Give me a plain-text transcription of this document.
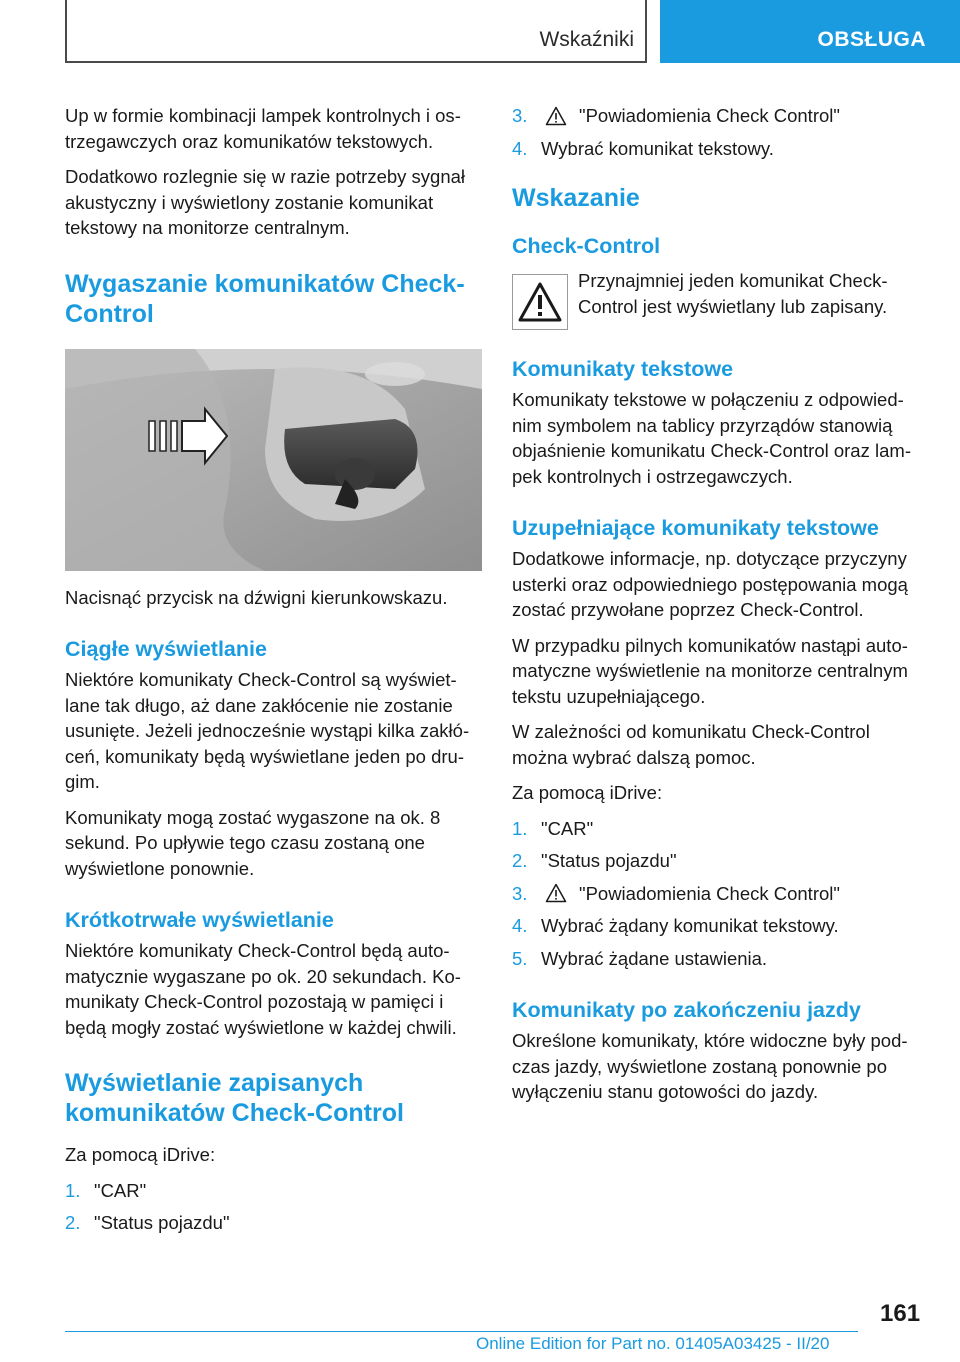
Wskaźniki	OBSŁUGA

Up w formie kombinacji lampek kontrolnych i ostrzegawczych oraz komunikatów tekstowych.

Dodatkowo rozlegnie się w razie potrzeby sygnał akustyczny i wyświetlony zostanie komunikat tekstowy na monitorze centralnym.

Wygaszanie komunikatów Check-Control

Nacisnąć przycisk na dźwigni kierunkowskazu.

Ciągłe wyświetlanie

Niektóre komunikaty Check-Control są wyświetlane tak długo, aż dane zakłócenie nie zostanie usunięte. Jeżeli jednocześnie wystąpi kilka zakłóceń, komunikaty będą wyświetlane jeden po drugim.

Komunikaty mogą zostać wygaszone na ok. 8 sekund. Po upływie tego czasu zostaną one wyświetlone ponownie.

Krótkotrwałe wyświetlanie

Niektóre komunikaty Check-Control będą automatycznie wygaszane po ok. 20 sekundach. Komunikaty Check-Control pozostają w pamięci i będą mogły zostać wyświetlone w każdej chwili.

Wyświetlanie zapisanych komunikatów Check-Control

Za pomocą iDrive:

1. "CAR"
2. "Status pojazdu"
3.	"Powiadomienia Check Control"
4. Wybrać komunikat tekstowy.
Wskazanie
Check-Control
Przynajmniej jeden komunikat Check-Control jest wyświetlany lub zapisany.
Komunikaty tekstowe

Komunikaty tekstowe w połączeniu z odpowiednim symbolem na tablicy przyrządów stanowią objaśnienie komunikatu Check-Control oraz lampek kontrolnych i ostrzegawczych.

Uzupełniające komunikaty tekstowe

Dodatkowe informacje, np. dotyczące przyczyny usterki oraz odpowiedniego postępowania mogą zostać przywołane poprzez Check-Control.

W przypadku pilnych komunikatów nastąpi automatyczne wyświetlenie na monitorze centralnym tekstu uzupełniającego.

W zależności od komunikatu Check-Control można wybrać dalszą pomoc.

Za pomocą iDrive:

1. "CAR"
2. "Status pojazdu"
3.	"Powiadomienia Check Control"
4. Wybrać żądany komunikat tekstowy.
5. Wybrać żądane ustawienia.
Komunikaty po zakończeniu jazdy

Określone komunikaty, które widoczne były podczas jazdy, wyświetlone zostaną ponownie po wyłączeniu stanu gotowości do jazdy.

161
Online Edition for Part no. 01405A03425 - II/20
